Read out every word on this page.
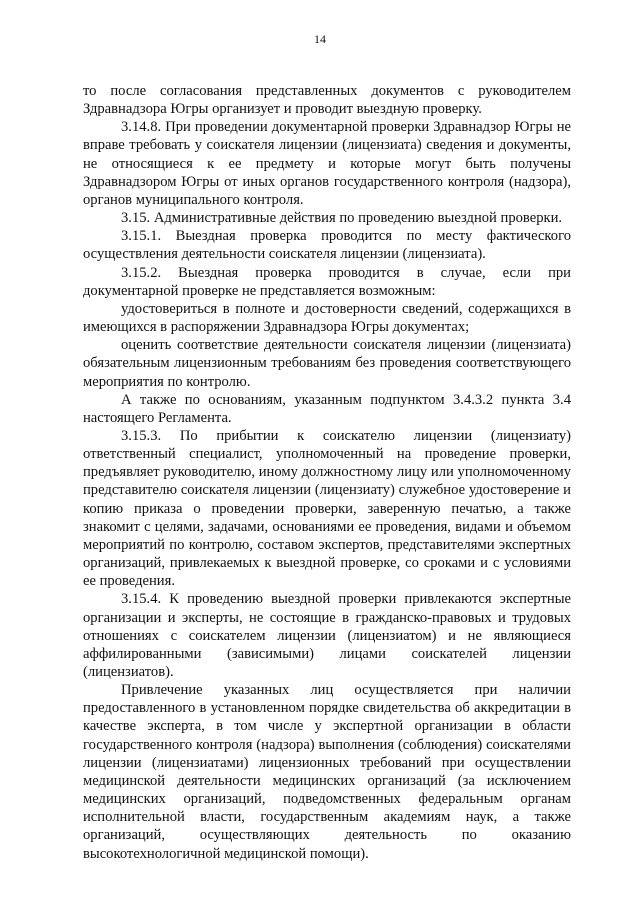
14

то после согласования представленных документов с руководителем Здравнадзора Югры организует и проводит выездную проверку.

3.14.8. При проведении документарной проверки Здравнадзор Югры не вправе требовать у соискателя лицензии (лицензиата) сведения и документы, не относящиеся к ее предмету и которые могут быть получены Здравнадзором Югры от иных органов государственного контроля (надзора), органов муниципального контроля.

3.15. Административные действия по проведению выездной проверки.

3.15.1. Выездная проверка проводится по месту фактического осуществления деятельности соискателя лицензии (лицензиата).

3.15.2. Выездная проверка проводится в случае, если при документарной проверке не представляется возможным:

удостовериться в полноте и достоверности сведений, содержащихся в имеющихся в распоряжении Здравнадзора Югры документах;

оценить соответствие деятельности соискателя лицензии (лицензиата) обязательным лицензионным требованиям без проведения соответствующего мероприятия по контролю.

А также по основаниям, указанным подпунктом 3.4.3.2 пункта 3.4 настоящего Регламента.

3.15.3. По прибытии к соискателю лицензии (лицензиату) ответственный специалист, уполномоченный на проведение проверки, предъявляет руководителю, иному должностному лицу или уполномоченному представителю соискателя лицензии (лицензиату) служебное удостоверение и копию приказа о проведении проверки, заверенную печатью, а также знакомит с целями, задачами, основаниями ее проведения, видами и объемом мероприятий по контролю, составом экспертов, представителями экспертных организаций, привлекаемых к выездной проверке, со сроками и с условиями ее проведения.

3.15.4. К проведению выездной проверки привлекаются экспертные организации и эксперты, не состоящие в гражданско-правовых и трудовых отношениях с соискателем лицензии (лицензиатом) и не являющиеся аффилированными (зависимыми) лицами соискателей лицензии (лицензиатов).

Привлечение указанных лиц осуществляется при наличии предоставленного в установленном порядке свидетельства об аккредитации в качестве эксперта, в том числе у экспертной организации в области государственного контроля (надзора) выполнения (соблюдения) соискателями лицензии (лицензиатами) лицензионных требований при осуществлении медицинской деятельности медицинских организаций (за исключением медицинских организаций, подведомственных федеральным органам исполнительной власти, государственным академиям наук, а также организаций, осуществляющих деятельность по оказанию высокотехнологичной медицинской помощи).
